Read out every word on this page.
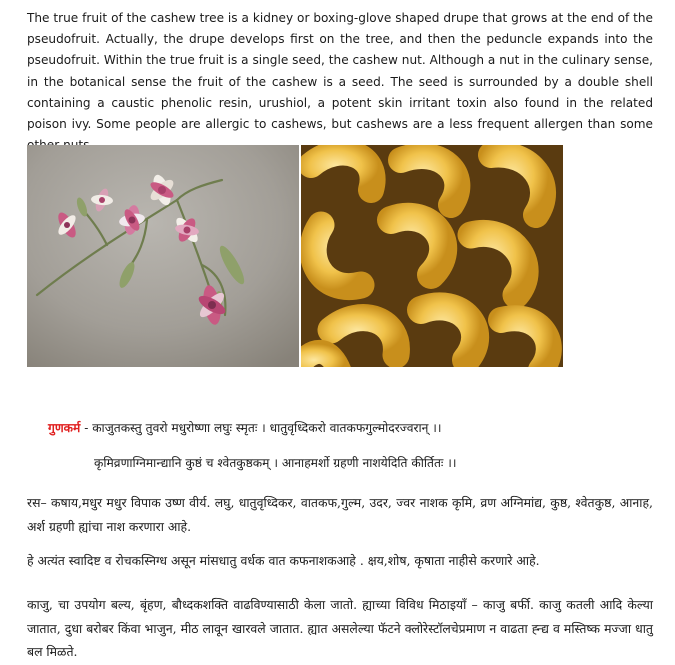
The true fruit of the cashew tree is a kidney or boxing-glove shaped drupe that grows at the end of the pseudofruit. Actually, the drupe develops first on the tree, and then the peduncle expands into the pseudofruit. Within the true fruit is a single seed, the cashew nut. Although a nut in the culinary sense, in the botanical sense the fruit of the cashew is a seed. The seed is surrounded by a double shell containing a caustic phenolic resin, urushiol, a potent skin irritant toxin also found in the related poison ivy. Some people are allergic to cashews, but cashews are a less frequent allergen than some

गुणकर्म - काजुतकस्तु तुवरो मधुरोष्णा लघुः स्मृतः । धातुवृध्दिकरो वातकफगुल्मोदरज्वरान् ।।
कृमिव्रणाग्निमान्द्यानि कुष्ठं च श्वेतकुष्ठकम् । आनाहमर्शो ग्रहणी नाशयेदिति कीर्तितः ।।

रस– कषाय,मधुर मधुर विपाक उष्ण वीर्य. लघु, धातुवृध्दिकर, वातकफ,गुल्म, उदर, ज्वर नाशक कृमि, व्रण अग्निमांद्य, कुष्ठ, श्वेतकुष्ठ, आनाह, अर्श ग्रहणी ह्यांचा नाश करणारा आहे.

हे अत्यंत स्वादिष्ट व रोचकस्निग्ध असून मांसधातु वर्धक वात कफनाशकआहे . क्षय,शोष, कृषाता नाहीसे करणारे आहे.

काजु, चा उपयोग बल्य, बृंहण, बौध्दकशक्ति वाढविण्यासाठी केला जातो. ह्याच्या विविध मिठाइयाँ – काजु बर्फी. काजु कतली आदि केल्या जातात, दुधा बरोबर किंवा भाजुन, मीठ लावून खारवले जातात. ह्यात असलेल्या फॅटने क्लोरेस्टॉलचेप्रमाण न वाढता ह्न्द्य व मस्तिष्क मज्जा धातु बल मिळते.
